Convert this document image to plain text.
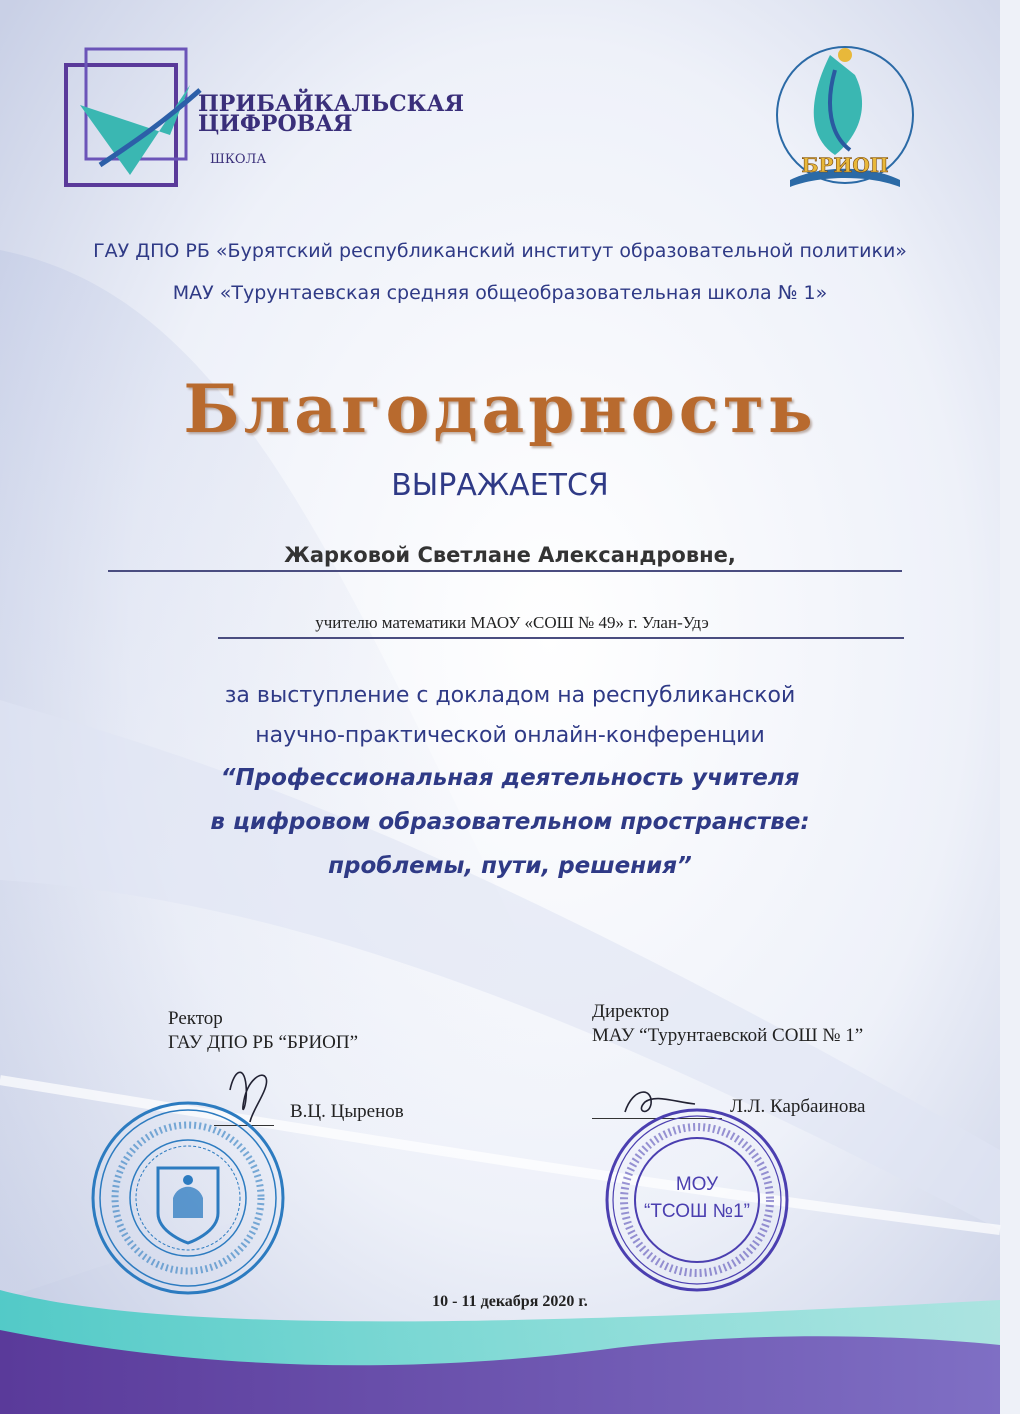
ПРИБАЙКАЛЬСКАЯ
ЦИФРОВАЯ
ШКОЛА	БРИОП

ГАУ ДПО РБ «Бурятский республиканский институт образовательной политики»

МАУ «Турунтаевская средняя общеобразовательная школа № 1»

Благодарность
ВЫРАЖАЕТСЯ
Жарковой Светлане Александровне,
учителю математики МАОУ «СОШ № 49» г. Улан-Удэ
за выступление с докладом на республиканской
научно-практической онлайн-конференции
“Профессиональная деятельность учителя
в цифровом образовательном пространстве:
проблемы, пути, решения”
Ректор
ГАУ ДПО РБ “БРИОП”
В.Ц. Цыренов
Директор
МАУ “Турунтаевской СОШ № 1”
Л.Л. Карбаинова
МОУ
“ТСОШ №1”
10 - 11 декабря 2020 г.
